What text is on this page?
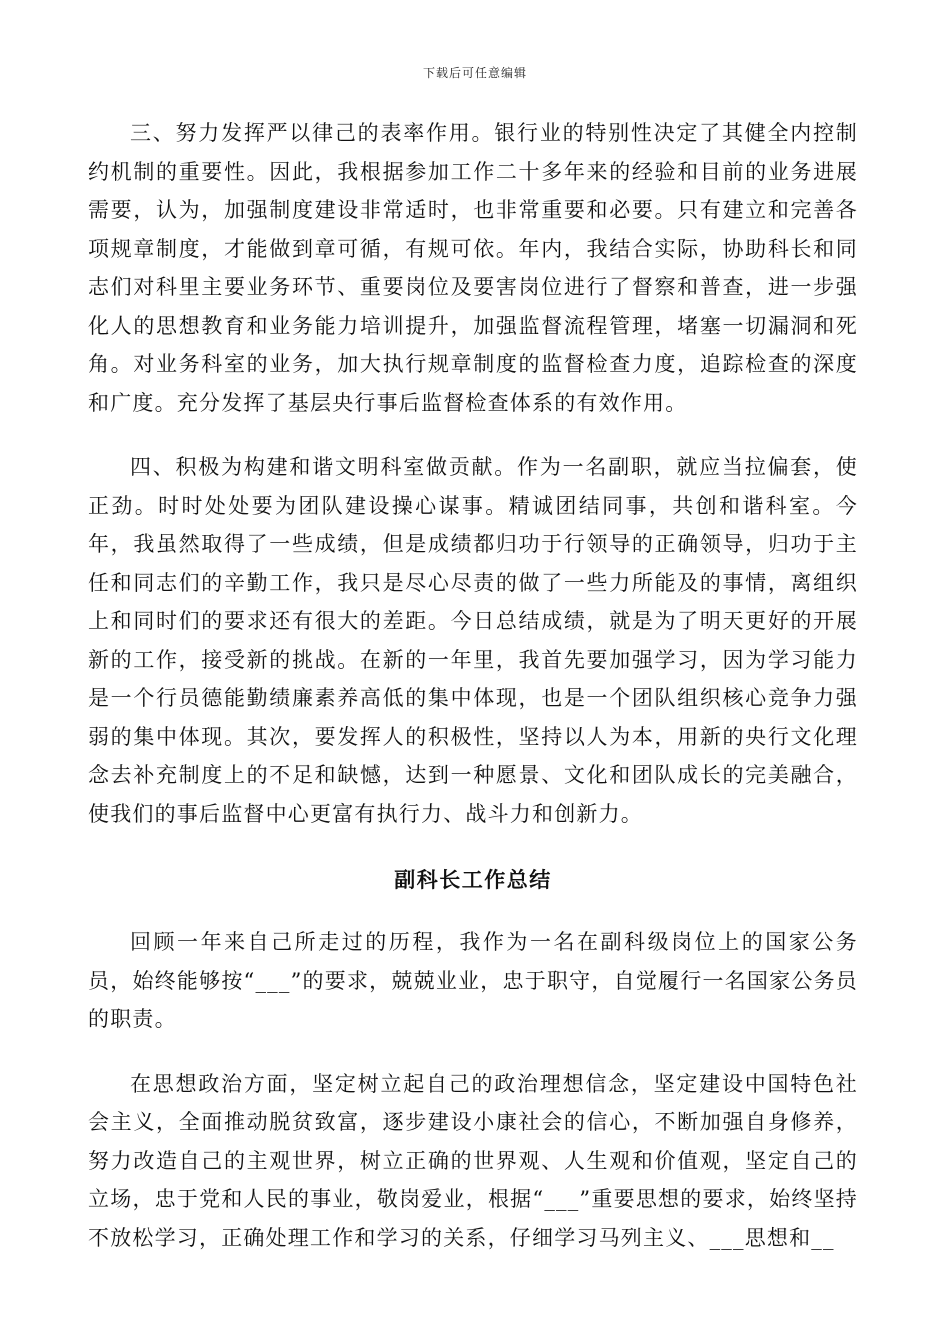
下载后可任意编辑

三、努力发挥严以律己的表率作用。银行业的特别性决定了其健全内控制约机制的重要性。因此，我根据参加工作二十多年来的经验和目前的业务进展需要，认为，加强制度建设非常适时，也非常重要和必要。只有建立和完善各项规章制度，才能做到章可循，有规可依。年内，我结合实际，协助科长和同志们对科里主要业务环节、重要岗位及要害岗位进行了督察和普查，进一步强化人的思想教育和业务能力培训提升，加强监督流程管理，堵塞一切漏洞和死角。对业务科室的业务，加大执行规章制度的监督检查力度，追踪检查的深度和广度。充分发挥了基层央行事后监督检查体系的有效作用。

四、积极为构建和谐文明科室做贡献。作为一名副职，就应当拉偏套，使正劲。时时处处要为团队建设操心谋事。精诚团结同事，共创和谐科室。今年，我虽然取得了一些成绩，但是成绩都归功于行领导的正确领导，归功于主任和同志们的辛勤工作，我只是尽心尽责的做了一些力所能及的事情，离组织上和同时们的要求还有很大的差距。今日总结成绩，就是为了明天更好的开展新的工作，接受新的挑战。在新的一年里，我首先要加强学习，因为学习能力是一个行员德能勤绩廉素养高低的集中体现，也是一个团队组织核心竞争力强弱的集中体现。其次，要发挥人的积极性，坚持以人为本，用新的央行文化理念去补充制度上的不足和缺憾，达到一种愿景、文化和团队成长的完美融合，使我们的事后监督中心更富有执行力、战斗力和创新力。

副科长工作总结

回顾一年来自己所走过的历程，我作为一名在副科级岗位上的国家公务员，始终能够按“___”的要求，兢兢业业，忠于职守，自觉履行一名国家公务员的职责。

在思想政治方面，坚定树立起自己的政治理想信念，坚定建设中国特色社会主义，全面推动脱贫致富，逐步建设小康社会的信心，不断加强自身修养，努力改造自己的主观世界，树立正确的世界观、人生观和价值观，坚定自己的立场，忠于党和人民的事业，敬岗爱业，根据“___”重要思想的要求，始终坚持不放松学习，正确处理工作和学习的关系，仔细学习马列主义、___思想和__
